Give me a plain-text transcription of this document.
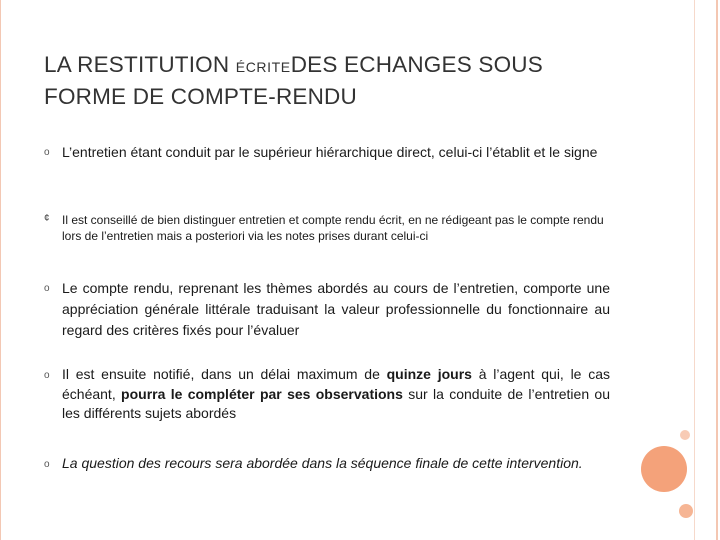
LA RESTITUTION ÉCRITEDES ECHANGES SOUS
FORME DE COMPTE-RENDU
o L’entretien étant conduit par le supérieur hiérarchique direct, celui-ci l’établit et le signe
¢ Il est conseillé de bien distinguer entretien et compte rendu écrit, en ne rédigeant pas le compte rendu lors de l’entretien mais a posteriori via les notes prises durant celui-ci
o Le compte rendu, reprenant les thèmes abordés au cours de l’entretien, comporte une appréciation générale littérale traduisant la valeur professionnelle du fonctionnaire au regard des critères fixés pour l’évaluer
o Il est ensuite notifié, dans un délai maximum de quinze jours à l’agent qui, le cas échéant, pourra le compléter par ses observations sur la conduite de l’entretien ou les différents sujets abordés
o La question des recours sera abordée dans la séquence finale de cette intervention.
